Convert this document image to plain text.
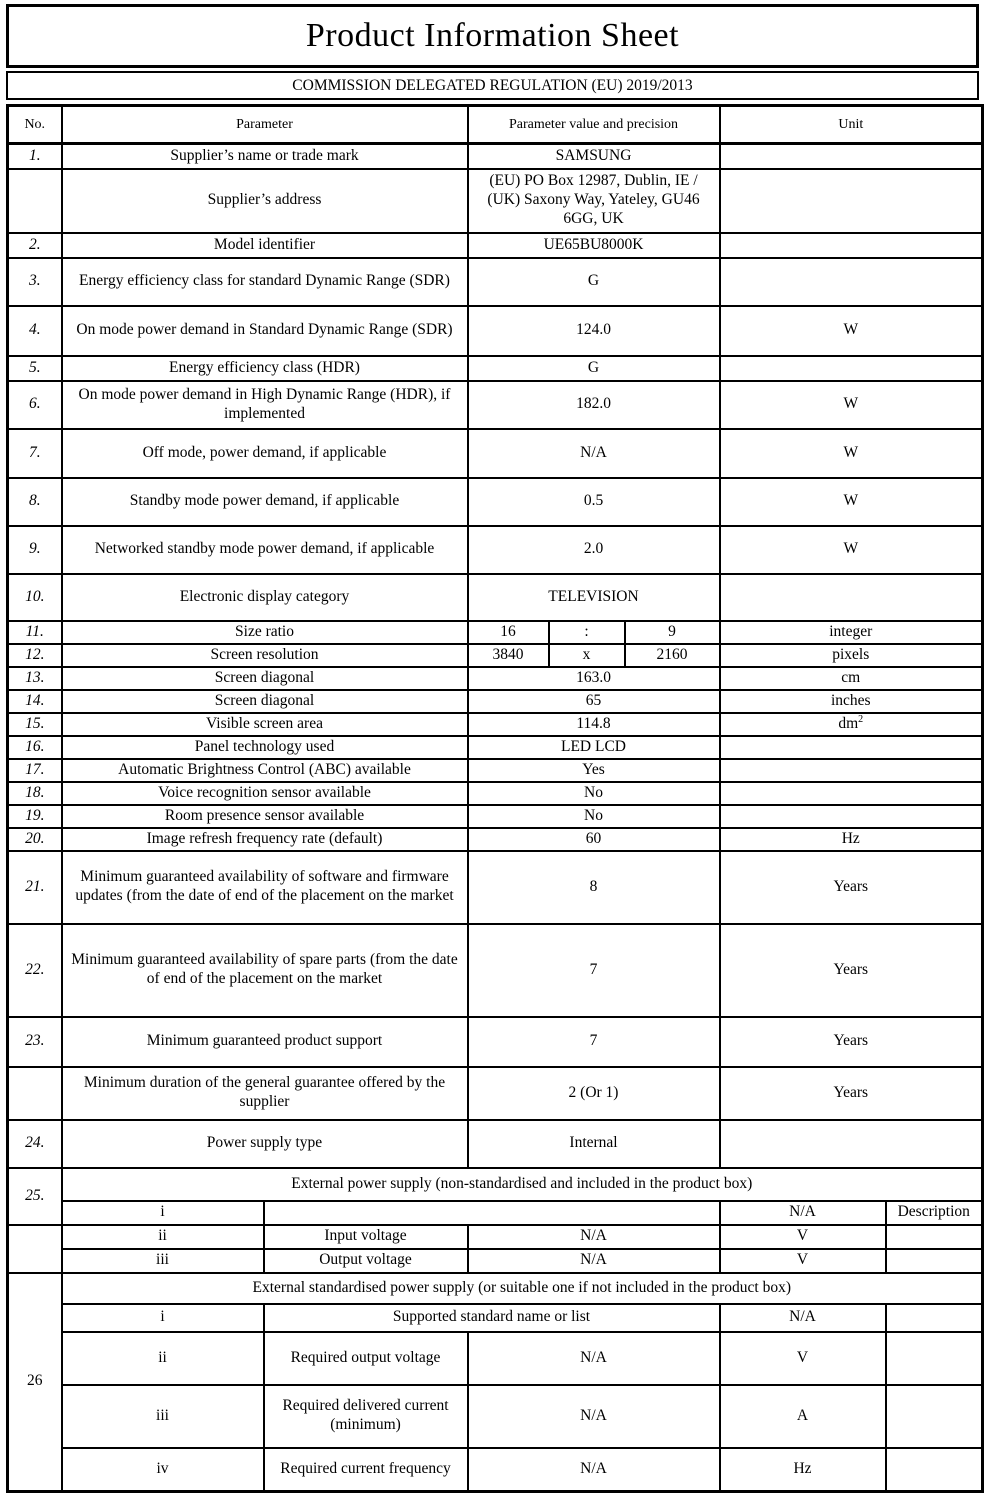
Product Information Sheet
COMMISSION DELEGATED REGULATION (EU) 2019/2013
No.	Parameter		Parameter value and precision			Unit	
1.	Supplier’s name or trade mark		SAMSUNG				
	Supplier’s address		(EU) PO Box 12987, Dublin, IE / (UK) Saxony Way, Yateley, GU46 6GG, UK				
2.	Model identifier		UE65BU8000K				
3.	Energy efficiency class for standard Dynamic Range (SDR)		G				
4.	On mode power demand in Standard Dynamic Range (SDR)		124.0			W	
5.	Energy efficiency class (HDR)		G				
6.	On mode power demand in High Dynamic Range (HDR), if implemented		182.0			W	
7.	Off mode, power demand, if applicable		N/A			W	
8.	Standby mode power demand, if applicable		0.5			W	
9.	Networked standby mode power demand, if applicable		2.0			W	
10.	Electronic display category		TELEVISION				
11.	Size ratio		16	:	9	integer	
12.	Screen resolution		3840	x	2160	pixels	
13.	Screen diagonal		163.0			cm	
14.	Screen diagonal		65			inches	
15.	Visible screen area		114.8			$dm^2$
16.	Panel technology used		LED LCD				
17.	Automatic Brightness Control (ABC) available		Yes				
18.	Voice recognition sensor available		No				
19.	Room presence sensor available		No				
20.	Image refresh frequency rate (default)		60			Hz	
21.	Minimum guaranteed availability of software and firmware updates (from the date of end of the placement on the market		8			Years	
22.	Minimum guaranteed availability of spare parts (from the date of end of the placement on the market		7			Years	
23.	Minimum guaranteed product support		7			Years	
	Minimum duration of the general guarantee offered by the supplier		2 (Or 1)			Years	
24.	Power supply type		Internal				
25.	External power supply (non-standardised and included in the product box)						
	i					N/A	Description
	ii	Input voltage	N/A			V	
	iii	Output voltage	N/A			V	
26	External standardised power supply (or suitable one if not included in the product box)						
	i	Supported standard name or list				N/A	
	ii	Required output voltage	N/A			V	
	iii	Required delivered current (minimum)	N/A			A	
	iv	Required current frequency	N/A			Hz	
